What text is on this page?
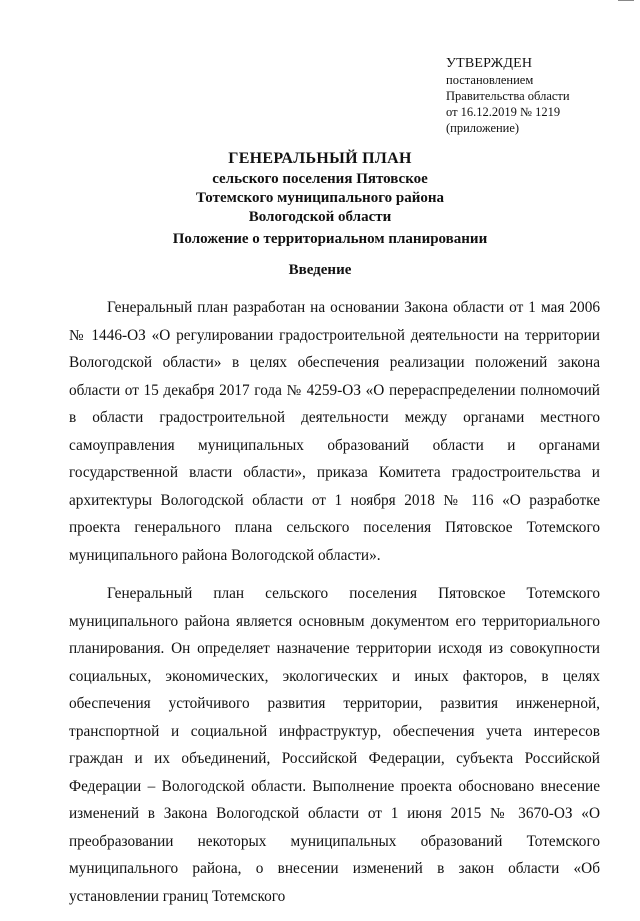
УТВЕРЖДЕН
постановлением
Правительства области
от 16.12.2019 № 1219
(приложение)
ГЕНЕРАЛЬНЫЙ ПЛАН
сельского поселения Пятовское
Тотемского муниципального района
Вологодской области
Положение о территориальном планировании
Введение

Генеральный план разработан на основании Закона области от 1 мая 2006 № 1446-ОЗ «О регулировании градостроительной деятельности на территории Вологодской области» в целях обеспечения реализации положений закона области от 15 декабря 2017 года № 4259-ОЗ «О перераспределении полномочий в области градостроительной деятельности между органами местного самоуправления муниципальных образований области и органами государственной власти области», приказа Комитета градостроительства и архитектуры Вологодской области от 1 ноября 2018 № 116 «О разработке проекта генерального плана сельского поселения Пятовское Тотемского муниципального района Вологодской области».

Генеральный план сельского поселения Пятовское Тотемского муниципального района является основным документом его территориального планирования. Он определяет назначение территории исходя из совокупности социальных, экономических, экологических и иных факторов, в целях обеспечения устойчивого развития территории, развития инженерной, транспортной и социальной инфраструктур, обеспечения учета интересов граждан и их объединений, Российской Федерации, субъекта Российской Федерации – Вологодской области. Выполнение проекта обосновано внесение изменений в Закона Вологодской области от 1 июня 2015 № 3670-ОЗ «О преобразовании некоторых муниципальных образований Тотемского муниципального района, о внесении изменений в закон области «Об установлении границ Тотемского
